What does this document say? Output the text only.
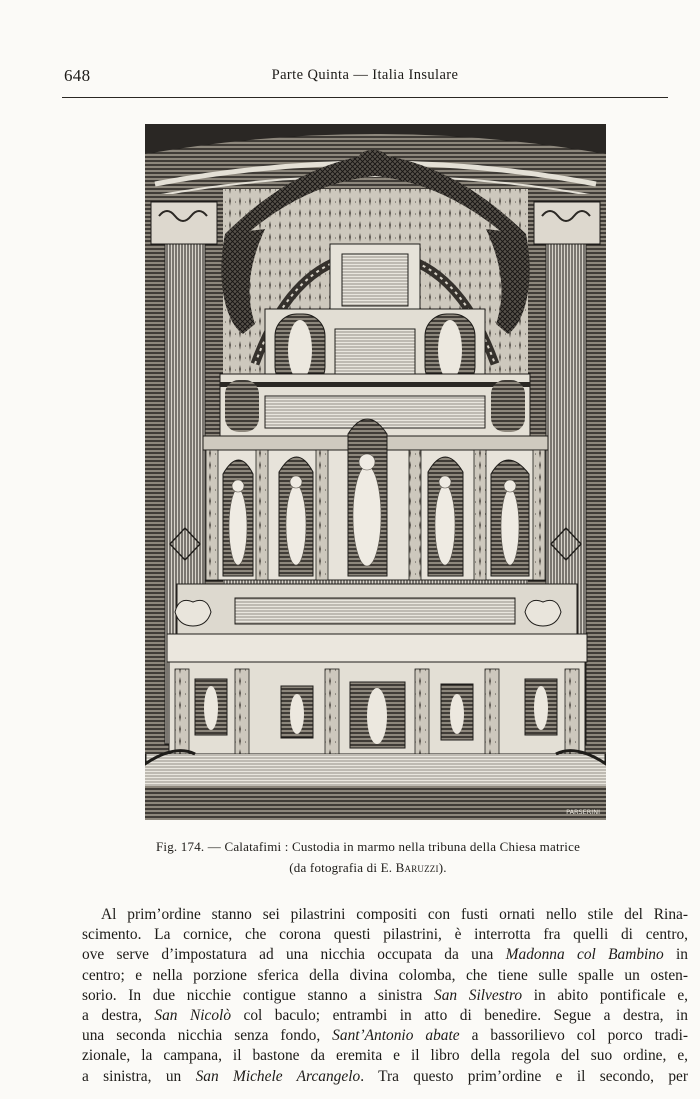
648	Parte Quinta — Italia Insulare
PARSERINI
Fig. 174. — Calatafimi : Custodia in marmo nella tribuna della Chiesa matrice
(da fotografia di E. Baruzzi).
Al prim’ordine stanno sei pilastrini compositi con fusti ornati nello stile del Rina-
scimento. La cornice, che corona questi pilastrini, è interrotta fra quelli di centro,
ove serve d’impostatura ad una nicchia occupata da una Madonna col Bambino in
centro; e nella porzione sferica della divina colomba, che tiene sulle spalle un osten-
sorio. In due nicchie contigue stanno a sinistra San Silvestro in abito pontificale e,
a destra, San Nicolò col baculo; entrambi in atto di benedire. Segue a destra, in
una seconda nicchia senza fondo, Sant’Antonio abate a bassorilievo col porco tradi-
zionale, la campana, il bastone da eremita e il libro della regola del suo ordine, e,
a sinistra, un San Michele Arcangelo. Tra questo prim’ordine e il secondo, per
